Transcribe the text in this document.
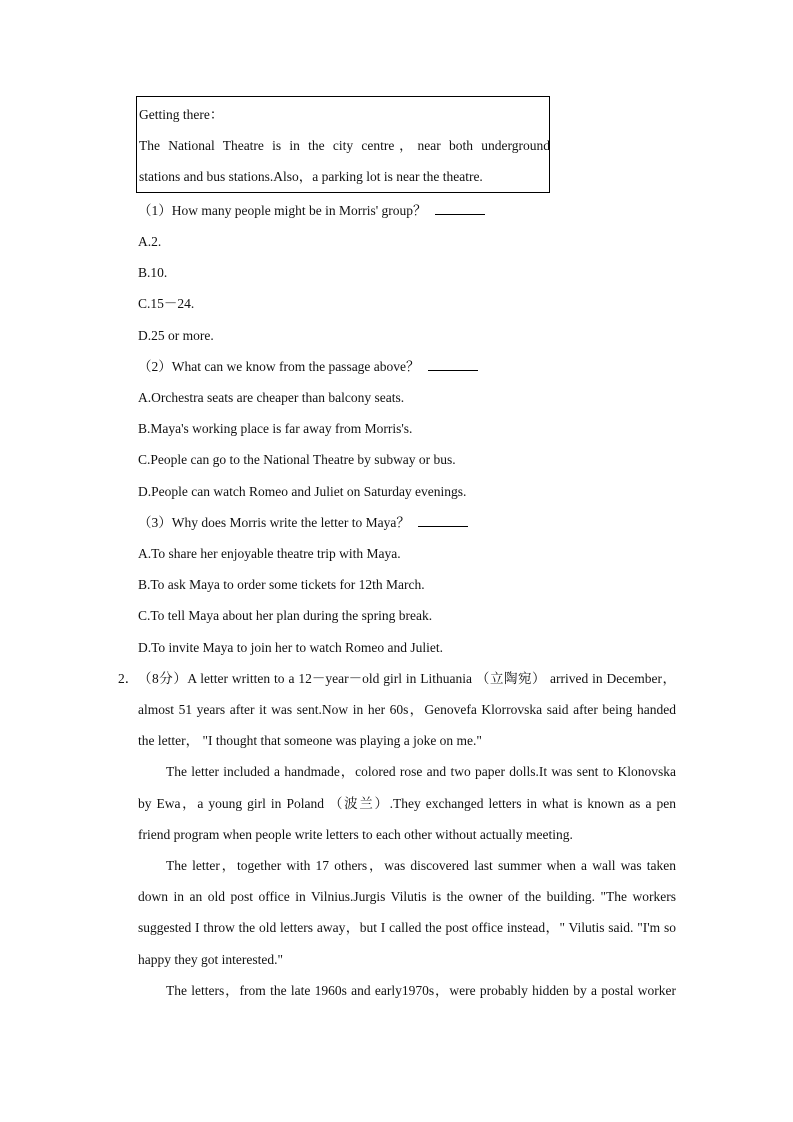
Getting there：
The National Theatre is in the city centre，near both underground
stations and bus stations.Also，a parking lot is near the theatre.
（1）How many people might be in Morris' group？
A.2.
B.10.
C.15－24.
D.25 or more.
（2）What can we know from the passage above？
A.Orchestra seats are cheaper than balcony seats.
B.Maya's working place is far away from Morris's.
C.People can go to the National Theatre by subway or bus.
D.People can watch Romeo and Juliet on Saturday evenings.
（3）Why does Morris write the letter to Maya？
A.To share her enjoyable theatre trip with Maya.
B.To ask Maya to order some tickets for 12th March.
C.To tell Maya about her plan during the spring break.
D.To invite Maya to join her to watch Romeo and Juliet.
2． （8分）A letter written to a 12－year－old girl in Lithuania （立陶宛） arrived in December，
almost 51 years after it was sent.Now in her 60s，Genovefa Klorrovska said after being handed
the letter， "I thought that someone was playing a joke on me."
The letter included a handmade，colored rose and two paper dolls.It was sent to Klonovska
by Ewa，a young girl in Poland （波兰）.They exchanged letters in what is known as a pen
friend program when people write letters to each other without actually meeting.
The letter，together with 17 others，was discovered last summer when a wall was taken
down in an old post office in Vilnius.Jurgis Vilutis is the owner of the building. "The workers
suggested I throw the old letters away，but I called the post office instead，" Vilutis said. "I'm so
happy they got interested."
The letters，from the late 1960s and early1970s，were probably hidden by a postal worker
